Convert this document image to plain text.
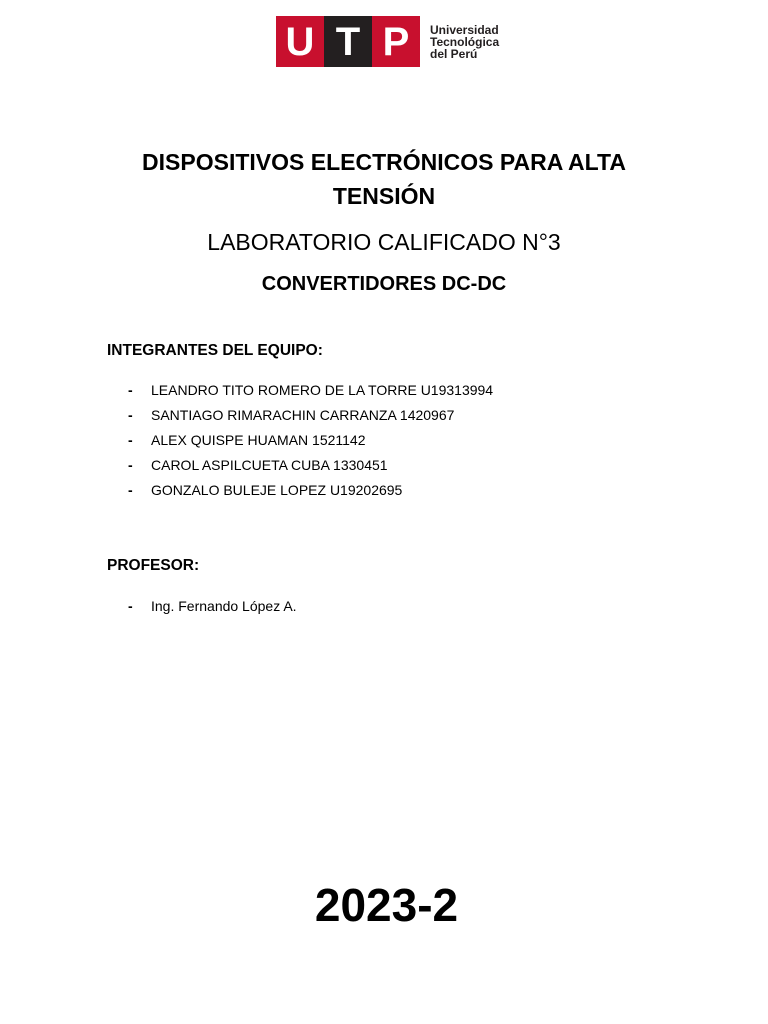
U T P	Universidad
Tecnológica
del Perú
DISPOSITIVOS ELECTRÓNICOS PARA ALTA TENSIÓN
LABORATORIO CALIFICADO N°3
CONVERTIDORES DC-DC

INTEGRANTES DEL EQUIPO:

-	LEANDRO TITO ROMERO DE LA TORRE U19313994
-	SANTIAGO RIMARACHIN CARRANZA 1420967
-	ALEX QUISPE HUAMAN 1521142
-	CAROL ASPILCUETA CUBA 1330451
-	GONZALO BULEJE LOPEZ U19202695

PROFESOR:

-	Ing. Fernando López A.

2023-2
